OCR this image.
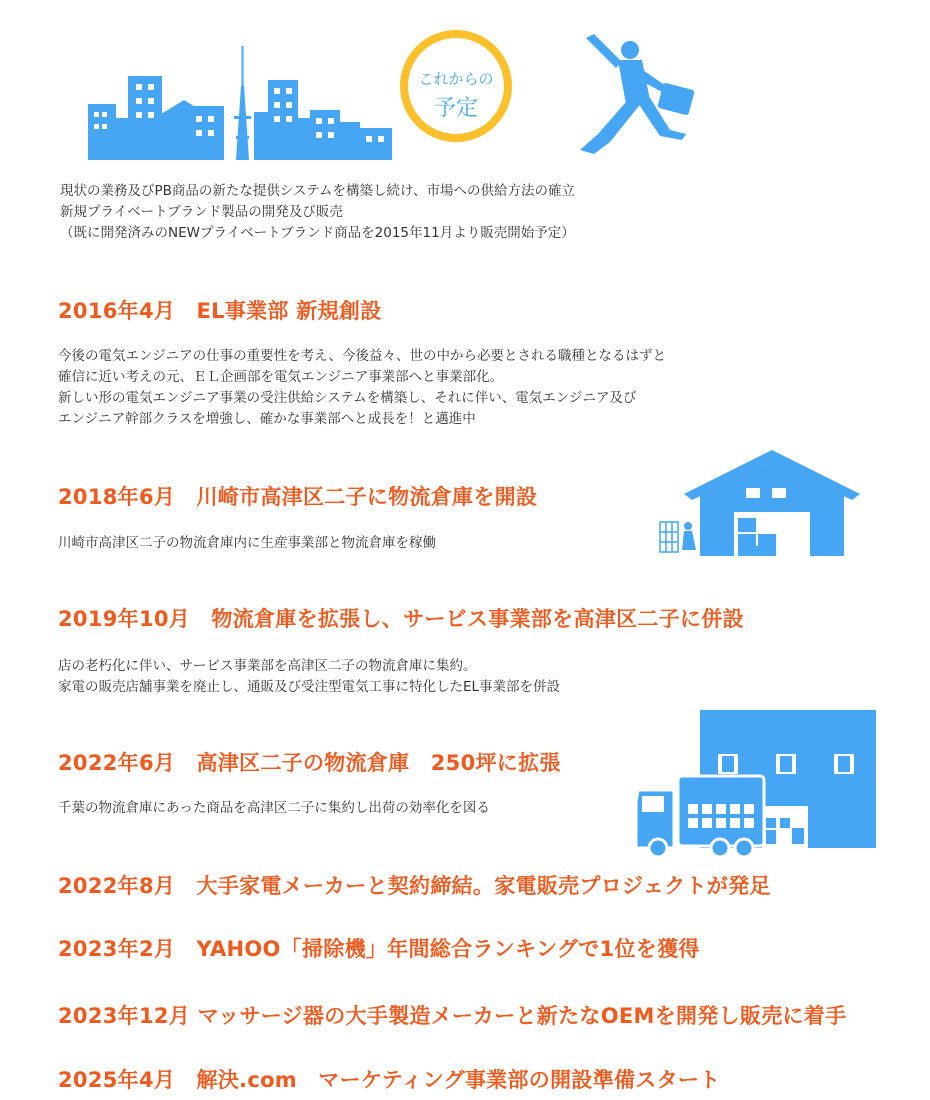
これからの
予定
現状の業務及びPB商品の新たな提供システムを構築し続け、市場への供給方法の確立
新規プライベートブランド製品の開発及び販売
（既に開発済みのNEWプライベートブランド商品を2015年11月より販売開始予定）
2016年4月　EL事業部 新規創設
今後の電気エンジニアの仕事の重要性を考え、今後益々、世の中から必要とされる職種となるはずと
確信に近い考えの元、ＥＬ企画部を電気エンジニア事業部へと事業部化。
新しい形の電気エンジニア事業の受注供給システムを構築し、それに伴い、電気エンジニア及び
エンジニア幹部クラスを増強し、確かな事業部へと成長を！と邁進中
2018年6月　川崎市高津区二子に物流倉庫を開設
川崎市高津区二子の物流倉庫内に生産事業部と物流倉庫を稼働
2019年10月　物流倉庫を拡張し、サービス事業部を高津区二子に併設
店の老朽化に伴い、サービス事業部を高津区二子の物流倉庫に集約。
家電の販売店舗事業を廃止し、通販及び受注型電気工事に特化したEL事業部を併設
2022年6月　高津区二子の物流倉庫　250坪に拡張
千葉の物流倉庫にあった商品を高津区二子に集約し出荷の効率化を図る
2022年8月　大手家電メーカーと契約締結。家電販売プロジェクトが発足
2023年2月　YAHOO「掃除機」年間総合ランキングで1位を獲得
2023年12月 マッサージ器の大手製造メーカーと新たなOEMを開発し販売に着手
2025年4月　解決.com　マーケティング事業部の開設準備スタート
